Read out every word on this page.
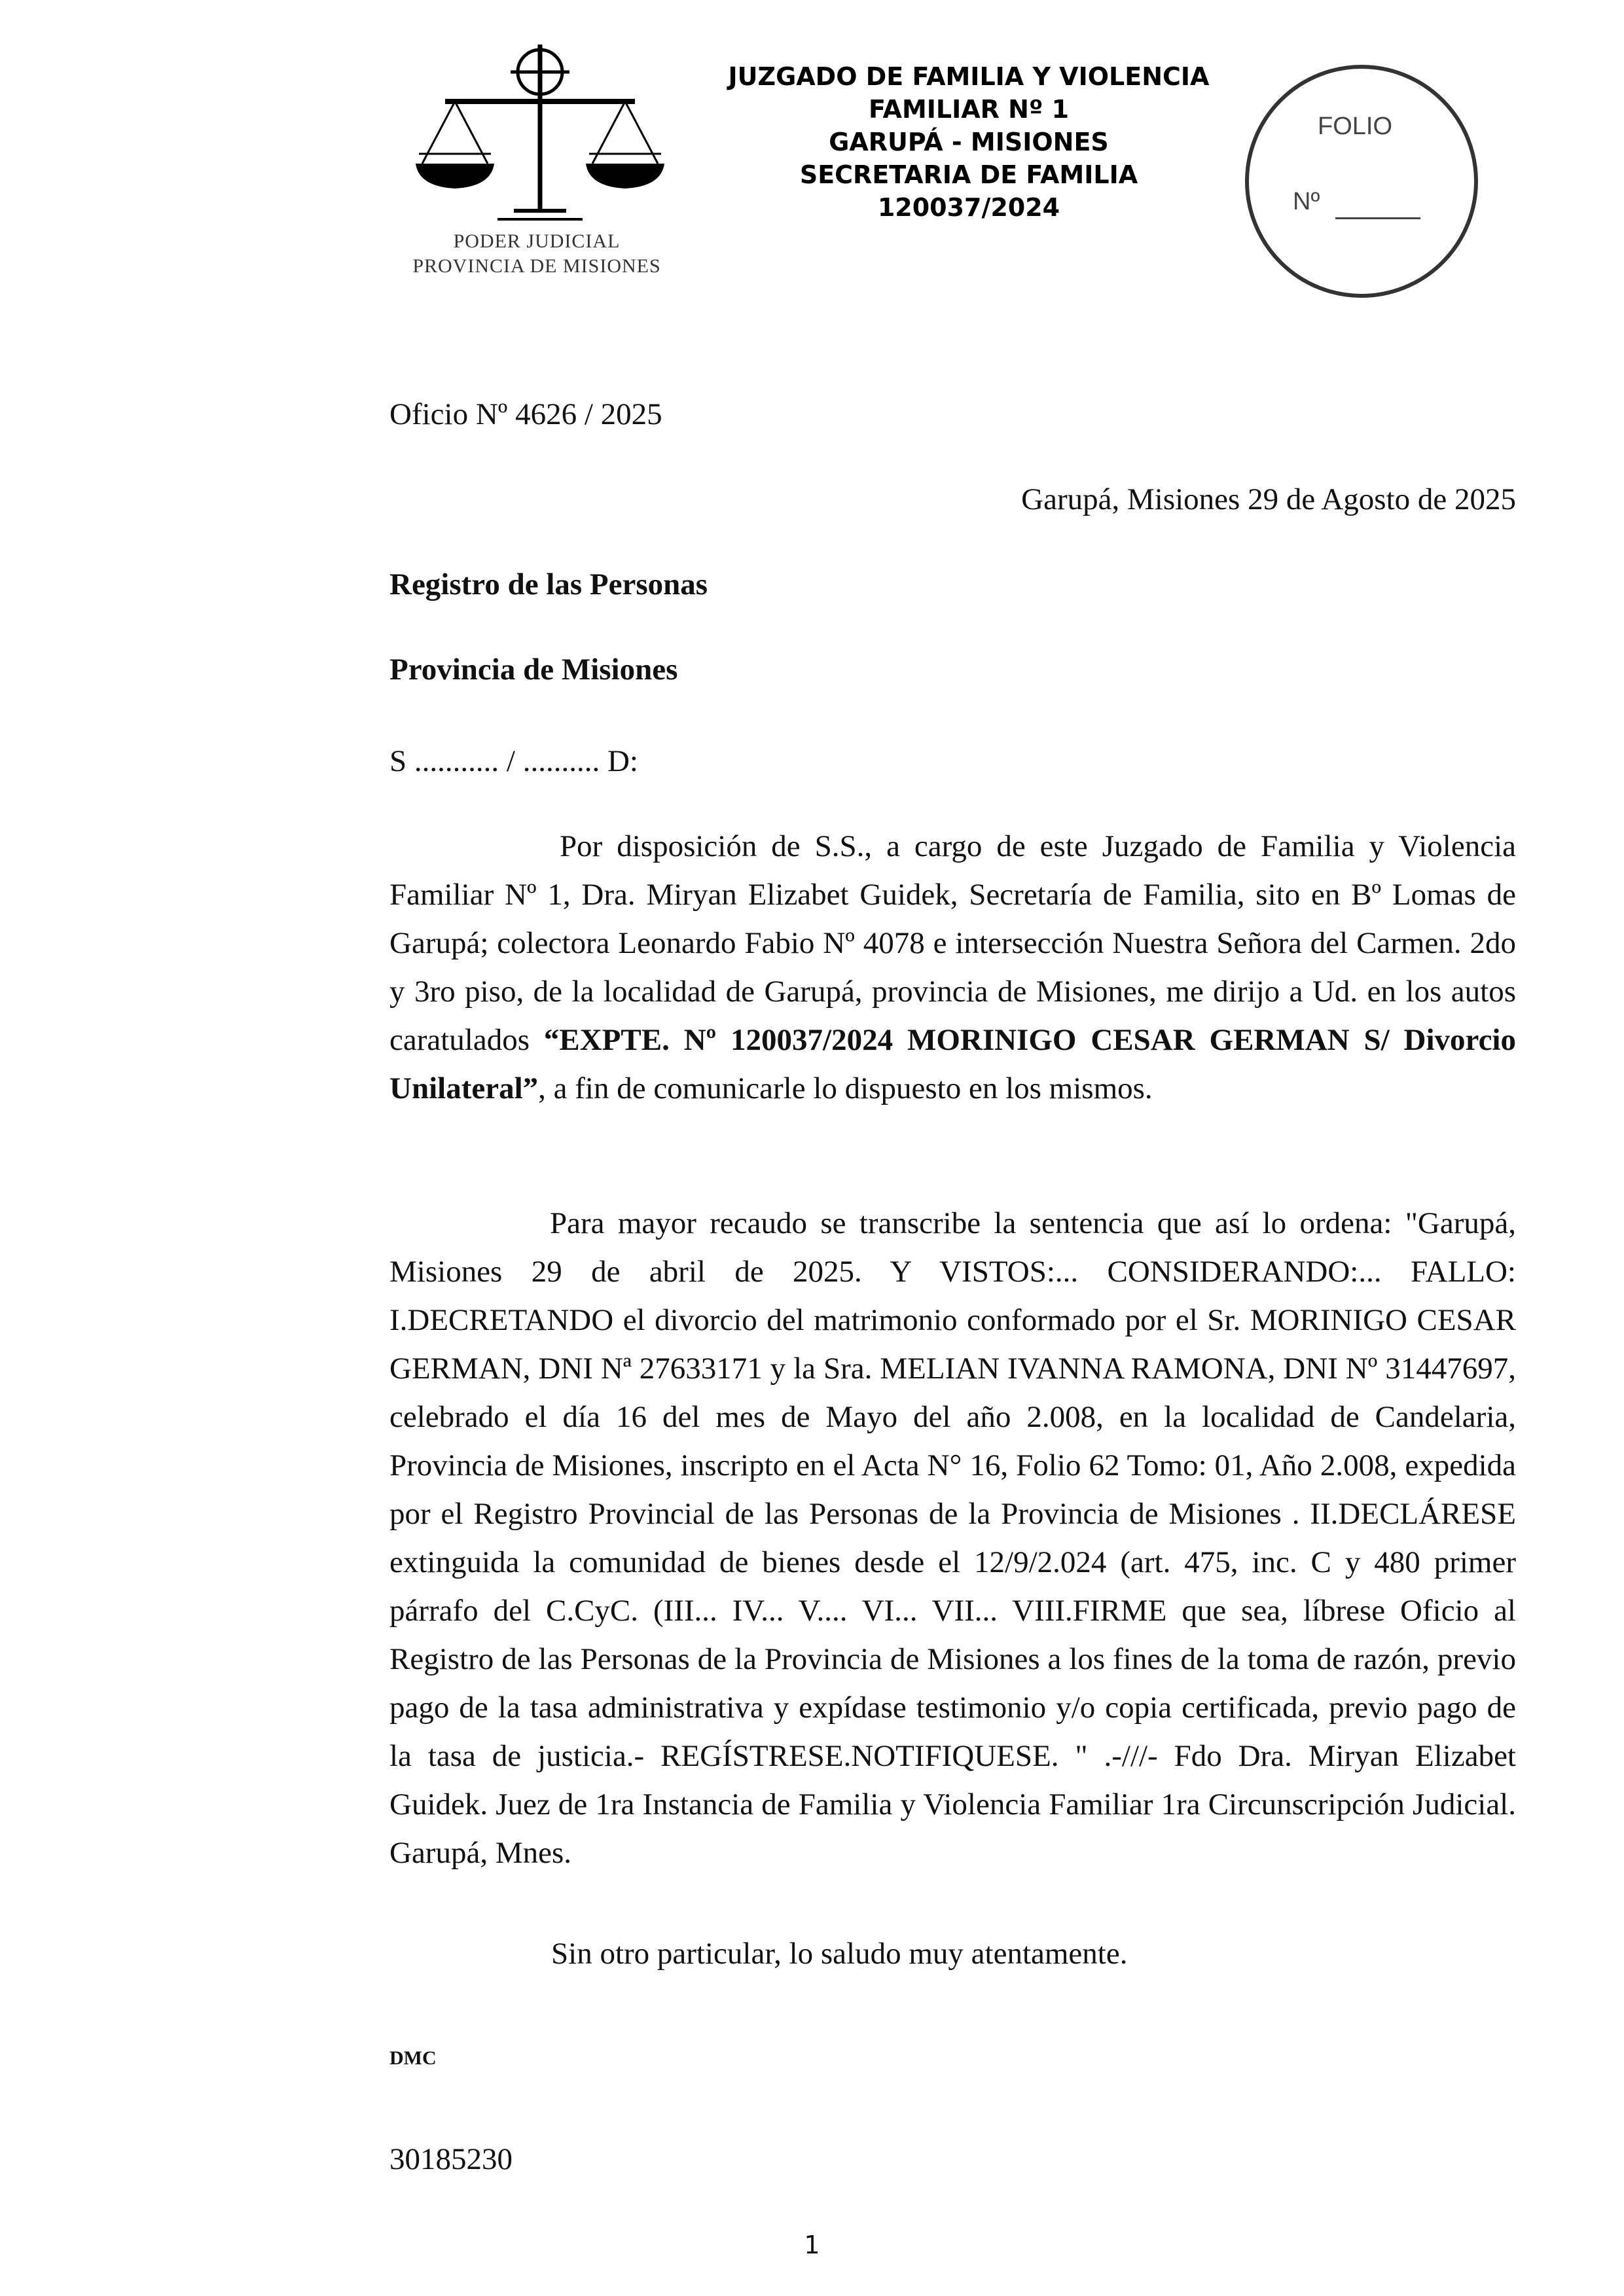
PODER JUDICIAL
PROVINCIA DE MISIONES
JUZGADO DE FAMILIA Y VIOLENCIA
FAMILIAR Nº 1
GARUPÁ - MISIONES
SECRETARIA DE FAMILIA
120037/2024
FOLIO
Nº
Oficio Nº 4626 / 2025
Garupá, Misiones 29 de Agosto de 2025
Registro de las Personas
Provincia de Misiones
S ........... / .......... D:
Por disposición de S.S., a cargo de este Juzgado de Familia y Violencia Familiar Nº 1, Dra. Miryan Elizabet Guidek, Secretaría de Familia, sito en Bº Lomas de Garupá; colectora Leonardo Fabio Nº 4078 e intersección Nuestra Señora del Carmen. 2do y 3ro piso, de la localidad de Garupá, provincia de Misiones, me dirijo a Ud. en los autos caratulados “EXPTE. Nº 120037/2024 MORINIGO CESAR GERMAN S/ Divorcio Unilateral”, a fin de comunicarle lo dispuesto en los mismos.
Para mayor recaudo se transcribe la sentencia que así lo ordena: "Garupá, Misiones 29 de abril de 2025. Y VISTOS:... CONSIDERANDO:... FALLO: I.DECRETANDO el divorcio del matrimonio conformado por el Sr. MORINIGO CESAR GERMAN, DNI Nª 27633171 y la Sra. MELIAN IVANNA RAMONA, DNI Nº 31447697, celebrado el día 16 del mes de Mayo del año 2.008, en la localidad de Candelaria, Provincia de Misiones, inscripto en el Acta N° 16, Folio 62 Tomo: 01, Año 2.008, expedida por el Registro Provincial de las Personas de la Provincia de Misiones . II.DECLÁRESE extinguida la comunidad de bienes desde el 12/9/2.024 (art. 475, inc. C y 480 primer párrafo del C.CyC. (III... IV... V.... VI... VII... VIII.FIRME que sea, líbrese Oficio al Registro de las Personas de la Provincia de Misiones a los fines de la toma de razón, previo pago de la tasa administrativa y expídase testimonio y/o copia certificada, previo pago de la tasa de justicia.- REGÍSTRESE.NOTIFIQUESE. " .-///- Fdo Dra. Miryan Elizabet Guidek. Juez de 1ra Instancia de Familia y Violencia Familiar 1ra Circunscripción Judicial. Garupá, Mnes.
Sin otro particular, lo saludo muy atentamente.
DMC
30185230
1
